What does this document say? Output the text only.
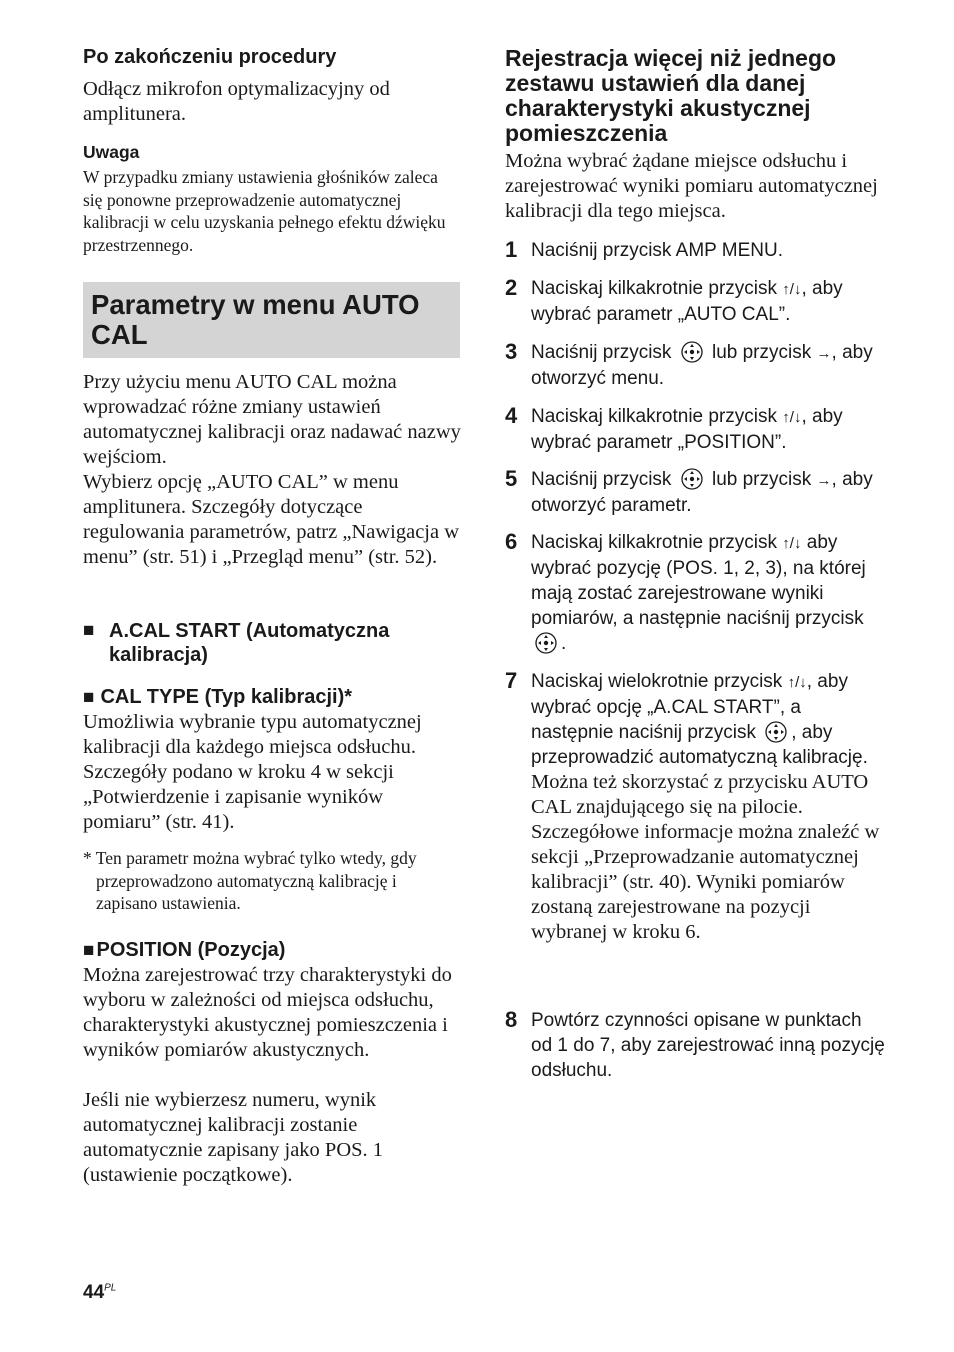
Po zakończeniu procedury
Odłącz mikrofon optymalizacyjny od amplitunera.
Uwaga
W przypadku zmiany ustawienia głośników zaleca się ponowne przeprowadzenie automatycznej kalibracji w celu uzyskania pełnego efektu dźwięku przestrzennego.
Parametry w menu AUTO CAL
Przy użyciu menu AUTO CAL można wprowadzać różne zmiany ustawień automatycznej kalibracji oraz nadawać nazwy wejściom.
Wybierz opcję „AUTO CAL” w menu amplitunera. Szczegóły dotyczące regulowania parametrów, patrz „Nawigacja w menu” (str. 51) i „Przegląd menu” (str. 52).
■ A.CAL START (Automatyczna kalibracja)
■ CAL TYPE (Typ kalibracji)*
Umożliwia wybranie typu automatycznej kalibracji dla każdego miejsca odsłuchu. Szczegóły podano w kroku 4 w sekcji „Potwierdzenie i zapisanie wyników pomiaru” (str. 41).
* Ten parametr można wybrać tylko wtedy, gdy przeprowadzono automatyczną kalibrację i zapisano ustawienia.
■ POSITION (Pozycja)
Można zarejestrować trzy charakterystyki do wyboru w zależności od miejsca odsłuchu, charakterystyki akustycznej pomieszczenia i wyników pomiarów akustycznych.
Jeśli nie wybierzesz numeru, wynik automatycznej kalibracji zostanie automatycznie zapisany jako POS. 1 (ustawienie początkowe).
Rejestracja więcej niż jednego zestawu ustawień dla danej charakterystyki akustycznej pomieszczenia
Można wybrać żądane miejsce odsłuchu i zarejestrować wyniki pomiaru automatycznej kalibracji dla tego miejsca.
1 Naciśnij przycisk AMP MENU.
2 Naciskaj kilkakrotnie przycisk ↑/↓, aby wybrać parametr „AUTO CAL”.
3 Naciśnij przycisk  lub przycisk →, aby otworzyć menu.
4 Naciskaj kilkakrotnie przycisk ↑/↓, aby wybrać parametr „POSITION”.
5 Naciśnij przycisk  lub przycisk →, aby otworzyć parametr.
6 Naciskaj kilkakrotnie przycisk ↑/↓ aby wybrać pozycję (POS. 1, 2, 3), na której mają zostać zarejestrowane wyniki pomiarów, a następnie naciśnij przycisk .
7 Naciskaj wielokrotnie przycisk ↑/↓, aby wybrać opcję „A.CAL START”, a następnie naciśnij przycisk , aby przeprowadzić automatyczną kalibrację.
Można też skorzystać z przycisku AUTO CAL znajdującego się na pilocie. Szczegółowe informacje można znaleźć w sekcji „Przeprowadzanie automatycznej kalibracji” (str. 40). Wyniki pomiarów zostaną zarejestrowane na pozycji wybranej w kroku 6.
8 Powtórz czynności opisane w punktach od 1 do 7, aby zarejestrować inną pozycję odsłuchu.
$44^{PL}$
